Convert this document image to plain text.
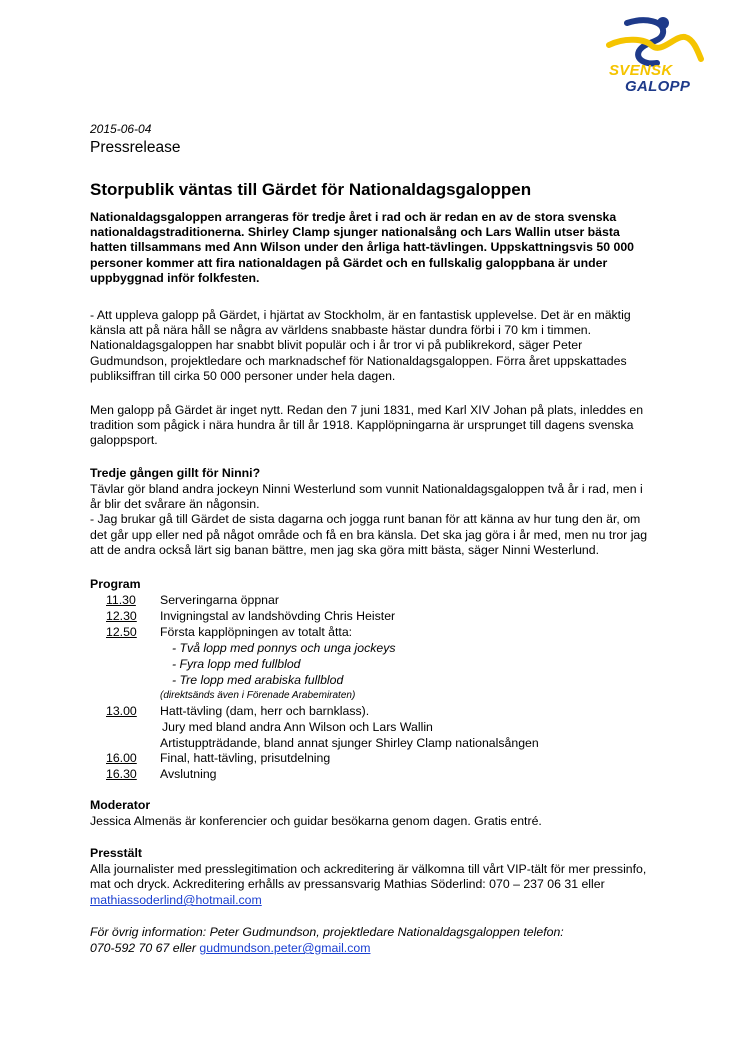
SVENSK
GALOPP
2015-06-04
Pressrelease
Storpublik väntas till Gärdet för Nationaldagsgaloppen
Nationaldagsgaloppen arrangeras för tredje året i rad och är redan en av de stora svenska
nationaldagstraditionerna. Shirley Clamp sjunger nationalsång och Lars Wallin utser bästa
hatten tillsammans med Ann Wilson under den årliga hatt-tävlingen. Uppskattningsvis 50 000
personer kommer att fira nationaldagen på Gärdet och en fullskalig galoppbana är under
uppbyggnad inför folkfesten.
- Att uppleva galopp på Gärdet, i hjärtat av Stockholm, är en fantastisk upplevelse. Det är en mäktig
känsla att på nära håll se några av världens snabbaste hästar dundra förbi i 70 km i timmen.
Nationaldagsgaloppen har snabbt blivit populär och i år tror vi på publikrekord, säger Peter
Gudmundson, projektledare och marknadschef för Nationaldagsgaloppen. Förra året uppskattades
publiksiffran till cirka 50 000 personer under hela dagen.
Men galopp på Gärdet är inget nytt. Redan den 7 juni 1831, med Karl XIV Johan på plats, inleddes en
tradition som pågick i nära hundra år till år 1918. Kapplöpningarna är ursprunget till dagens svenska
galoppsport.
Tredje gången gillt för Ninni?
Tävlar gör bland andra jockeyn Ninni Westerlund som vunnit Nationaldagsgaloppen två år i rad, men i
år blir det svårare än någonsin.
- Jag brukar gå till Gärdet de sista dagarna och jogga runt banan för att känna av hur tung den är, om
det går upp eller ned på något område och få en bra känsla. Det ska jag göra i år med, men nu tror jag
att de andra också lärt sig banan bättre, men jag ska göra mitt bästa, säger Ninni Westerlund.
Program
11.30 Serveringarna öppnar
12.30 Invigningstal av landshövding Chris Heister
12.50 Första kapplöpningen av totalt åtta:
- Två lopp med ponnys och unga jockeys
- Fyra lopp med fullblod
- Tre lopp med arabiska fullblod
(direktsänds även i Förenade Arabemiraten)
13.00 Hatt-tävling (dam, herr och barnklass).
Jury med bland andra Ann Wilson och Lars Wallin
Artistuppträdande, bland annat sjunger Shirley Clamp nationalsången
16.00 Final, hatt-tävling, prisutdelning
16.30 Avslutning
Moderator
Jessica Almenäs är konferencier och guidar besökarna genom dagen. Gratis entré.
Presstält
Alla journalister med presslegitimation och ackreditering är välkomna till vårt VIP-tält för mer pressinfo,
mat och dryck. Ackreditering erhålls av pressansvarig Mathias Söderlind: 070 – 237 06 31 eller
mathiassoderlind@hotmail.com
För övrig information: Peter Gudmundson, projektledare Nationaldagsgaloppen telefon:
070-592 70 67 eller gudmundson.peter@gmail.com
